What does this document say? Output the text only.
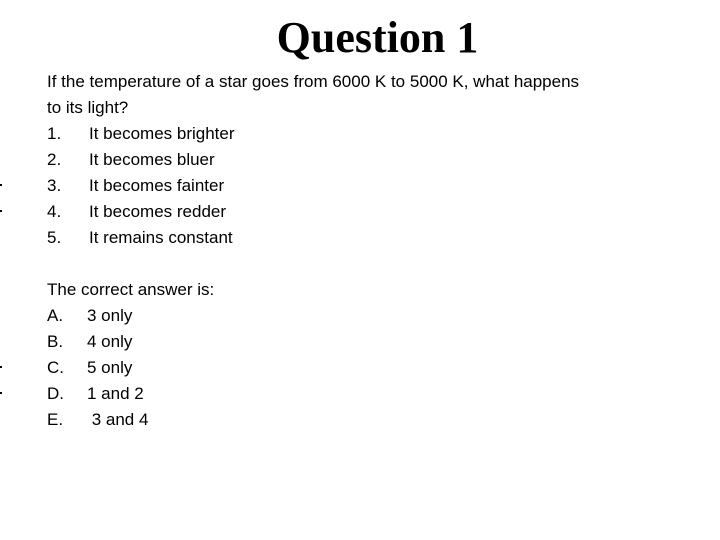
Question 1
If the temperature of a star goes from 6000 K to 5000 K, what happens
to its light?
1.	It becomes brighter
2.	It becomes bluer
3.	It becomes fainter
4.	It becomes redder
5.	It remains constant
The correct answer is:
A.	3 only
B.	4 only
C.	5 only
D.	1 and 2
E.	3 and 4
